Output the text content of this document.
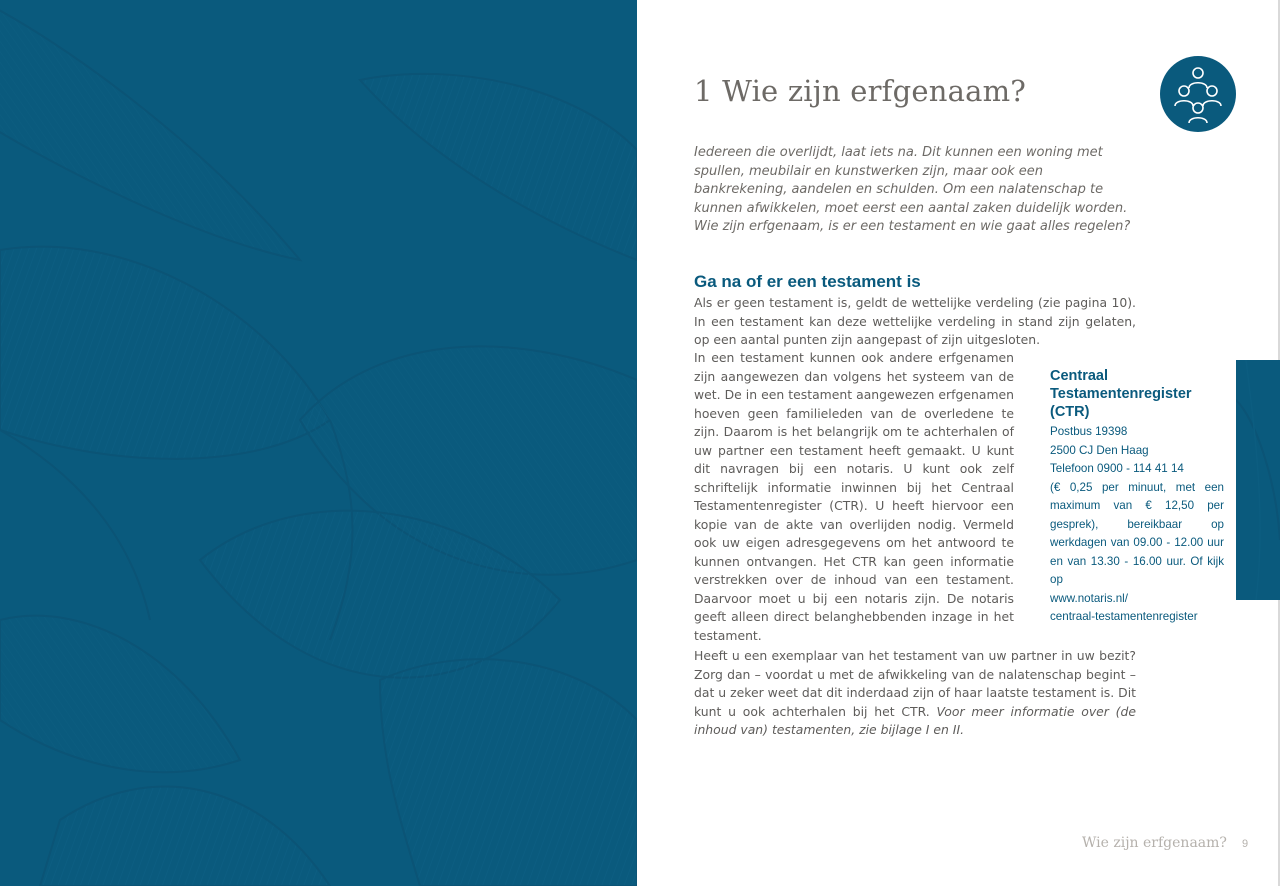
1 Wie zijn erfgenaam?

Iedereen die overlijdt, laat iets na. Dit kunnen een woning met spullen, meubilair en kunstwerken zijn, maar ook een bankrekening, aandelen en schulden. Om een nalatenschap te kunnen afwikkelen, moet eerst een aantal zaken duidelijk worden. Wie zijn erfgenaam, is er een testament en wie gaat alles regelen?

Ga na of er een testament is

Als er geen testament is, geldt de wettelijke verdeling (zie pagina 10). In een testament kan deze wettelijke verdeling in stand zijn gelaten, op een aantal punten zijn aangepast of zijn uitgesloten.

In een testament kunnen ook andere erfgenamen zijn aangewezen dan volgens het systeem van de wet. De in een testament aangewezen erfgenamen hoeven geen familieleden van de overledene te zijn. Daarom is het belangrijk om te achterhalen of uw partner een testament heeft gemaakt. U kunt dit navragen bij een notaris. U kunt ook zelf schriftelijk informatie inwinnen bij het Centraal Testamentenregister (CTR). U heeft hiervoor een kopie van de akte van overlijden nodig. Vermeld ook uw eigen adresgegevens om het antwoord te kunnen ontvangen. Het CTR kan geen informatie verstrekken over de inhoud van een testament. Daarvoor moet u bij een notaris zijn. De notaris geeft alleen direct belanghebbenden inzage in het testament.

Heeft u een exemplaar van het testament van uw partner in uw bezit? Zorg dan – voordat u met de afwikkeling van de nalatenschap begint – dat u zeker weet dat dit inderdaad zijn of haar laatste testament is. Dit kunt u ook achterhalen bij het CTR. Voor meer informatie over (de inhoud van) testamenten, zie bijlage I en II.

Centraal Testamentenregister (CTR)
Postbus 19398
2500 CJ Den Haag
Telefoon 0900 - 114 41 14
(€ 0,25 per minuut, met een maximum van € 12,50 per gesprek), bereikbaar op werkdagen van 09.00 - 12.00 uur en van 13.30 - 16.00 uur. Of kijk op
www.notaris.nl/
centraal-testamentenregister
Wie zijn erfgenaam? 9
